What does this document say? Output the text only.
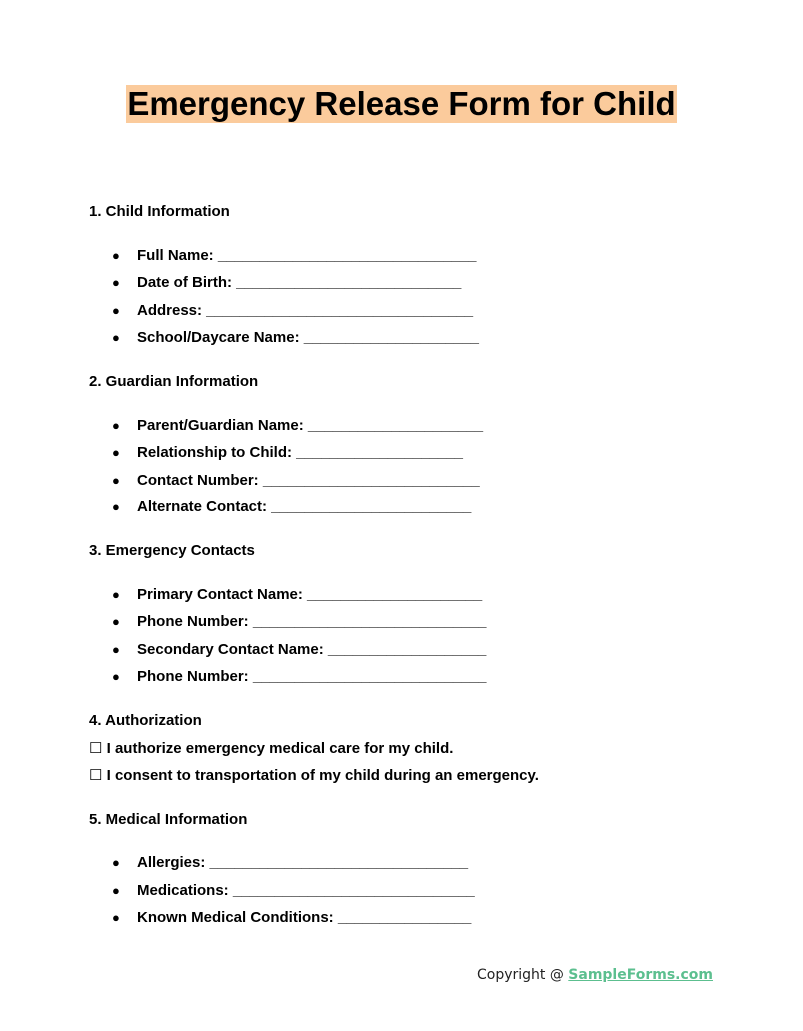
Emergency Release Form for Child
1. Child Information
● Full Name: _______________________________
● Date of Birth: ___________________________
● Address: ________________________________
● School/Daycare Name: _____________________
2. Guardian Information
● Parent/Guardian Name: _____________________
● Relationship to Child: ____________________
● Contact Number: __________________________
● Alternate Contact: ________________________
3. Emergency Contacts
● Primary Contact Name: _____________________
● Phone Number: ____________________________
● Secondary Contact Name: ___________________
● Phone Number: ____________________________
4. Authorization
☐ I authorize emergency medical care for my child.
☐ I consent to transportation of my child during an emergency.
5. Medical Information
● Allergies: _______________________________
● Medications: _____________________________
● Known Medical Conditions: ________________
Copyright @ SampleForms.com
